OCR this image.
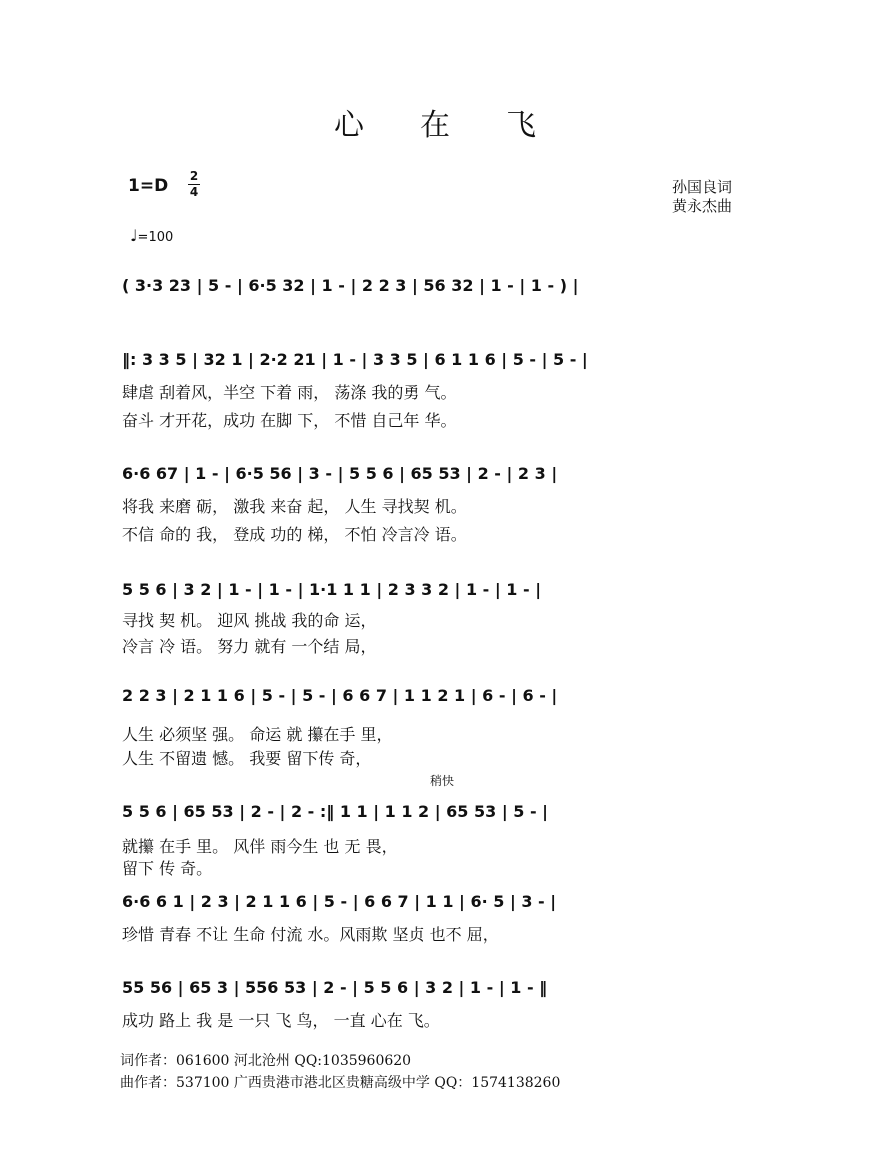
心 在 飞
1=D 2
4	孙国良词
黄永杰曲
♩=100
( 3·3 23 | 5 - | 6·5 32 | 1 - | 2 2 3 | 56 32 | 1 - | 1 - ) |
‖: 3 3 5 | 32 1 | 2·2 21 | 1 - | 3 3 5 | 6 1 1 6 | 5 - | 5 - |
肆虐 刮着风，半空 下着 雨， 荡涤 我的勇 气。
奋斗 才开花，成功 在脚 下， 不惜 自己年 华。
6·6 67 | 1 - | 6·5 56 | 3 - | 5 5 6 | 65 53 | 2 - | 2 3 |
将我 来磨 砺， 激我 来奋 起， 人生 寻找契 机。
不信 命的 我， 登成 功的 梯， 不怕 冷言冷 语。
5 5 6 | 3 2 | 1 - | 1 - | 1·1 1 1 | 2 3 3 2 | 1 - | 1 - |
寻找 契 机。 迎风 挑战 我的命 运，
冷言 冷 语。 努力 就有 一个结 局，
2 2 3 | 2 1 1 6 | 5 - | 5 - | 6 6 7 | 1 1 2 1 | 6 - | 6 - |
人生 必须坚 强。 命运 就 攥在手 里，
人生 不留遗 憾。 我要 留下传 奇，
稍快
5 5 6 | 65 53 | 2 - | 2 - :‖ 1 1 | 1 1 2 | 65 53 | 5 - |
就攥 在手 里。 风伴 雨今生 也 无 畏，
留下 传 奇。
6·6 6 1 | 2 3 | 2 1 1 6 | 5 - | 6 6 7 | 1 1 | 6· 5 | 3 - |
珍惜 青春 不让 生命 付流 水。风雨欺 坚贞 也不 屈，
55 56 | 65 3 | 556 53 | 2 - | 5 5 6 | 3 2 | 1 - | 1 - ‖
成功 路上 我 是 一只 飞 鸟， 一直 心在 飞。
词作者：061600 河北沧州 QQ:1035960620
曲作者：537100 广西贵港市港北区贵糖高级中学 QQ：1574138260
